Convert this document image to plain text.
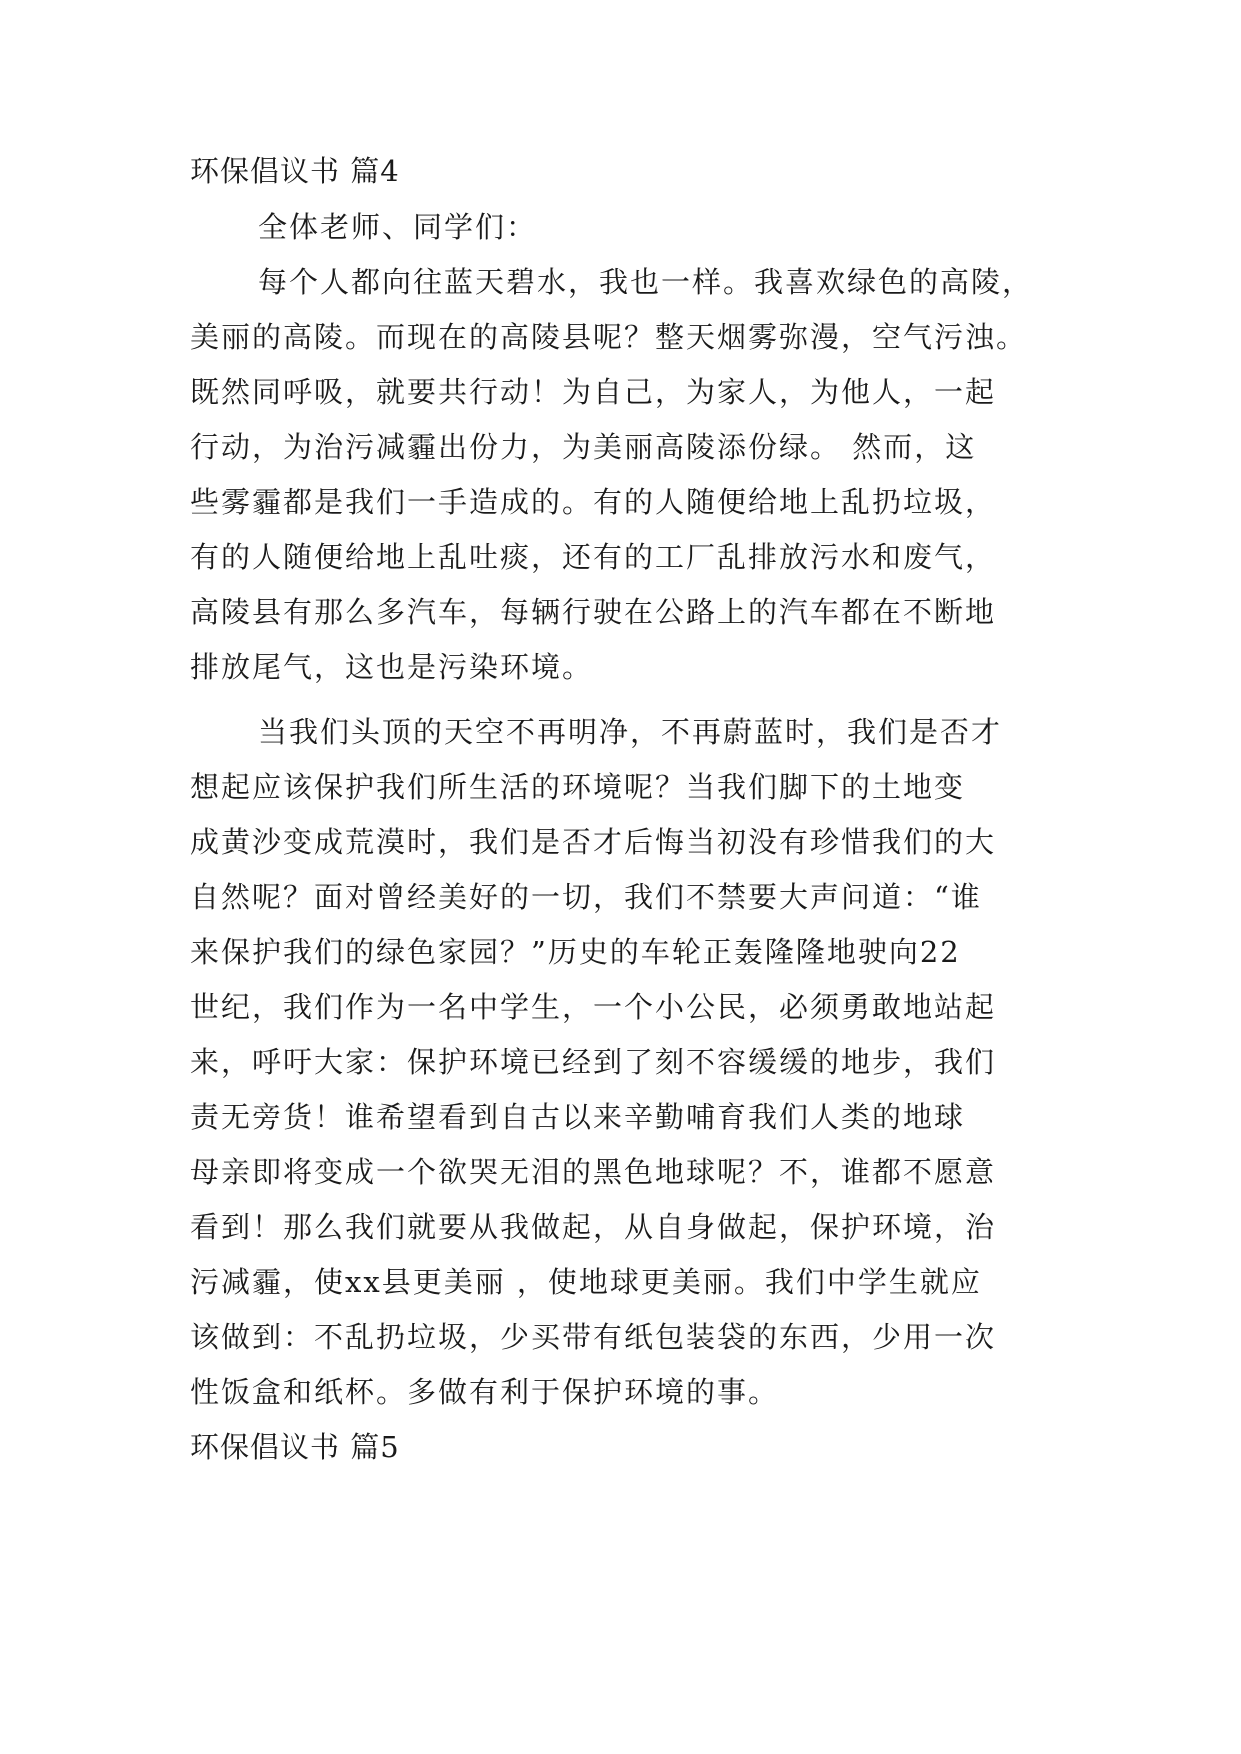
环保倡议书 篇4
全体老师、同学们：
每个人都向往蓝天碧水，我也一样。我喜欢绿色的高陵，
美丽的高陵。而现在的高陵县呢？整天烟雾弥漫，空气污浊。
既然同呼吸，就要共行动！为自己，为家人，为他人，一起
行动，为治污减霾出份力，为美丽高陵添份绿。 然而，这
些雾霾都是我们一手造成的。有的人随便给地上乱扔垃圾，
有的人随便给地上乱吐痰，还有的工厂乱排放污水和废气，
高陵县有那么多汽车，每辆行驶在公路上的汽车都在不断地
排放尾气，这也是污染环境。
当我们头顶的天空不再明净，不再蔚蓝时，我们是否才
想起应该保护我们所生活的环境呢？当我们脚下的土地变
成黄沙变成荒漠时，我们是否才后悔当初没有珍惜我们的大
自然呢？面对曾经美好的一切，我们不禁要大声问道：“谁
来保护我们的绿色家园？”历史的车轮正轰隆隆地驶向22
世纪，我们作为一名中学生，一个小公民，必须勇敢地站起
来，呼吁大家：保护环境已经到了刻不容缓缓的地步，我们
责无旁货！谁希望看到自古以来辛勤哺育我们人类的地球
母亲即将变成一个欲哭无泪的黑色地球呢？不，谁都不愿意
看到！那么我们就要从我做起，从自身做起，保护环境，治
污减霾，使xx县更美丽 ，使地球更美丽。我们中学生就应
该做到：不乱扔垃圾，少买带有纸包装袋的东西，少用一次
性饭盒和纸杯。多做有利于保护环境的事。
环保倡议书 篇5
